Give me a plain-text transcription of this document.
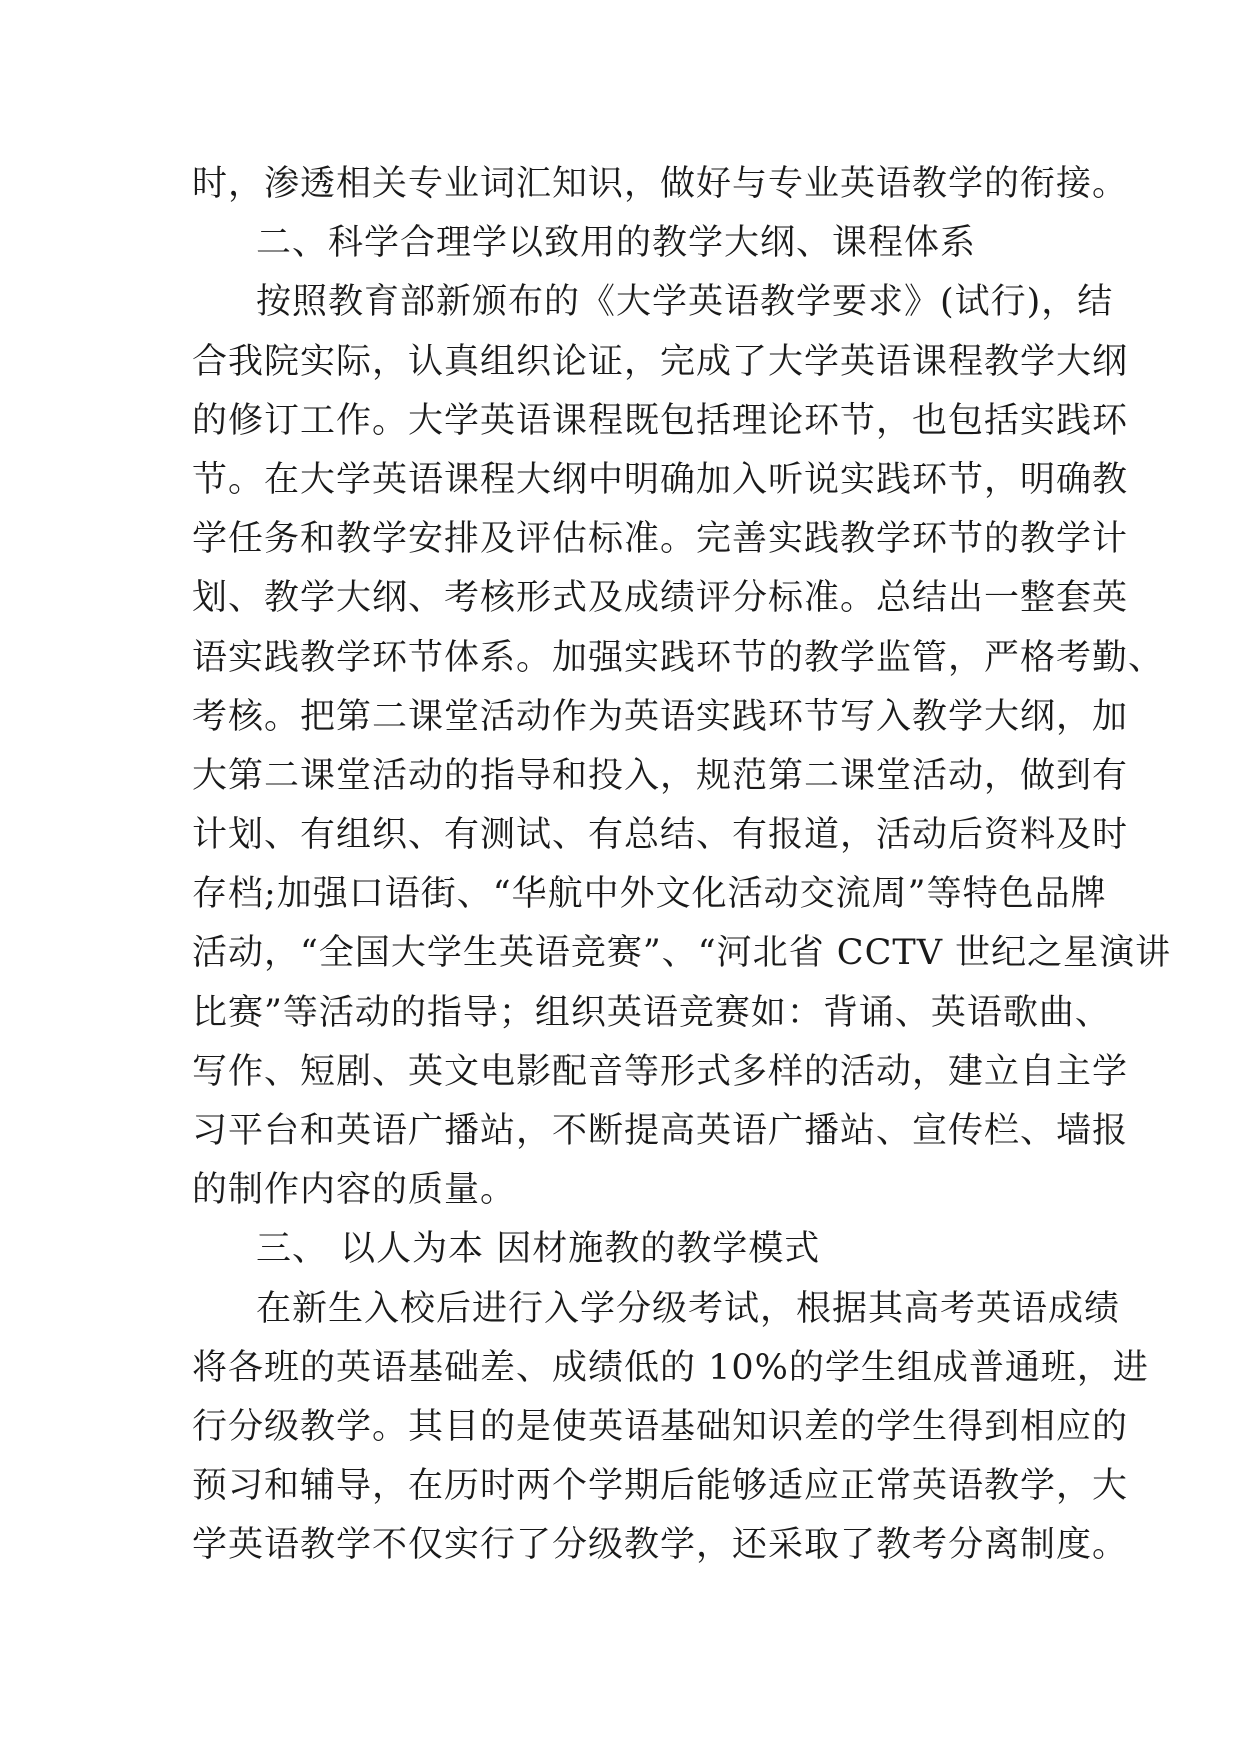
时，渗透相关专业词汇知识，做好与专业英语教学的衔接。
二、科学合理学以致用的教学大纲、课程体系
按照教育部新颁布的《大学英语教学要求》(试行)，结
合我院实际，认真组织论证，完成了大学英语课程教学大纲
的修订工作。大学英语课程既包括理论环节，也包括实践环
节。在大学英语课程大纲中明确加入听说实践环节，明确教
学任务和教学安排及评估标准。完善实践教学环节的教学计
划、教学大纲、考核形式及成绩评分标准。总结出一整套英
语实践教学环节体系。加强实践环节的教学监管，严格考勤、
考核。把第二课堂活动作为英语实践环节写入教学大纲，加
大第二课堂活动的指导和投入，规范第二课堂活动，做到有
计划、有组织、有测试、有总结、有报道，活动后资料及时
存档;加强口语街、“华航中外文化活动交流周”等特色品牌
活动，“全国大学生英语竞赛”、“河北省 CCTV 世纪之星演讲
比赛”等活动的指导；组织英语竞赛如：背诵、英语歌曲、
写作、短剧、英文电影配音等形式多样的活动，建立自主学
习平台和英语广播站，不断提高英语广播站、宣传栏、墙报
的制作内容的质量。
三、 以人为本 因材施教的教学模式
在新生入校后进行入学分级考试，根据其高考英语成绩
将各班的英语基础差、成绩低的 10%的学生组成普通班，进
行分级教学。其目的是使英语基础知识差的学生得到相应的
预习和辅导，在历时两个学期后能够适应正常英语教学，大
学英语教学不仅实行了分级教学，还采取了教考分离制度。
